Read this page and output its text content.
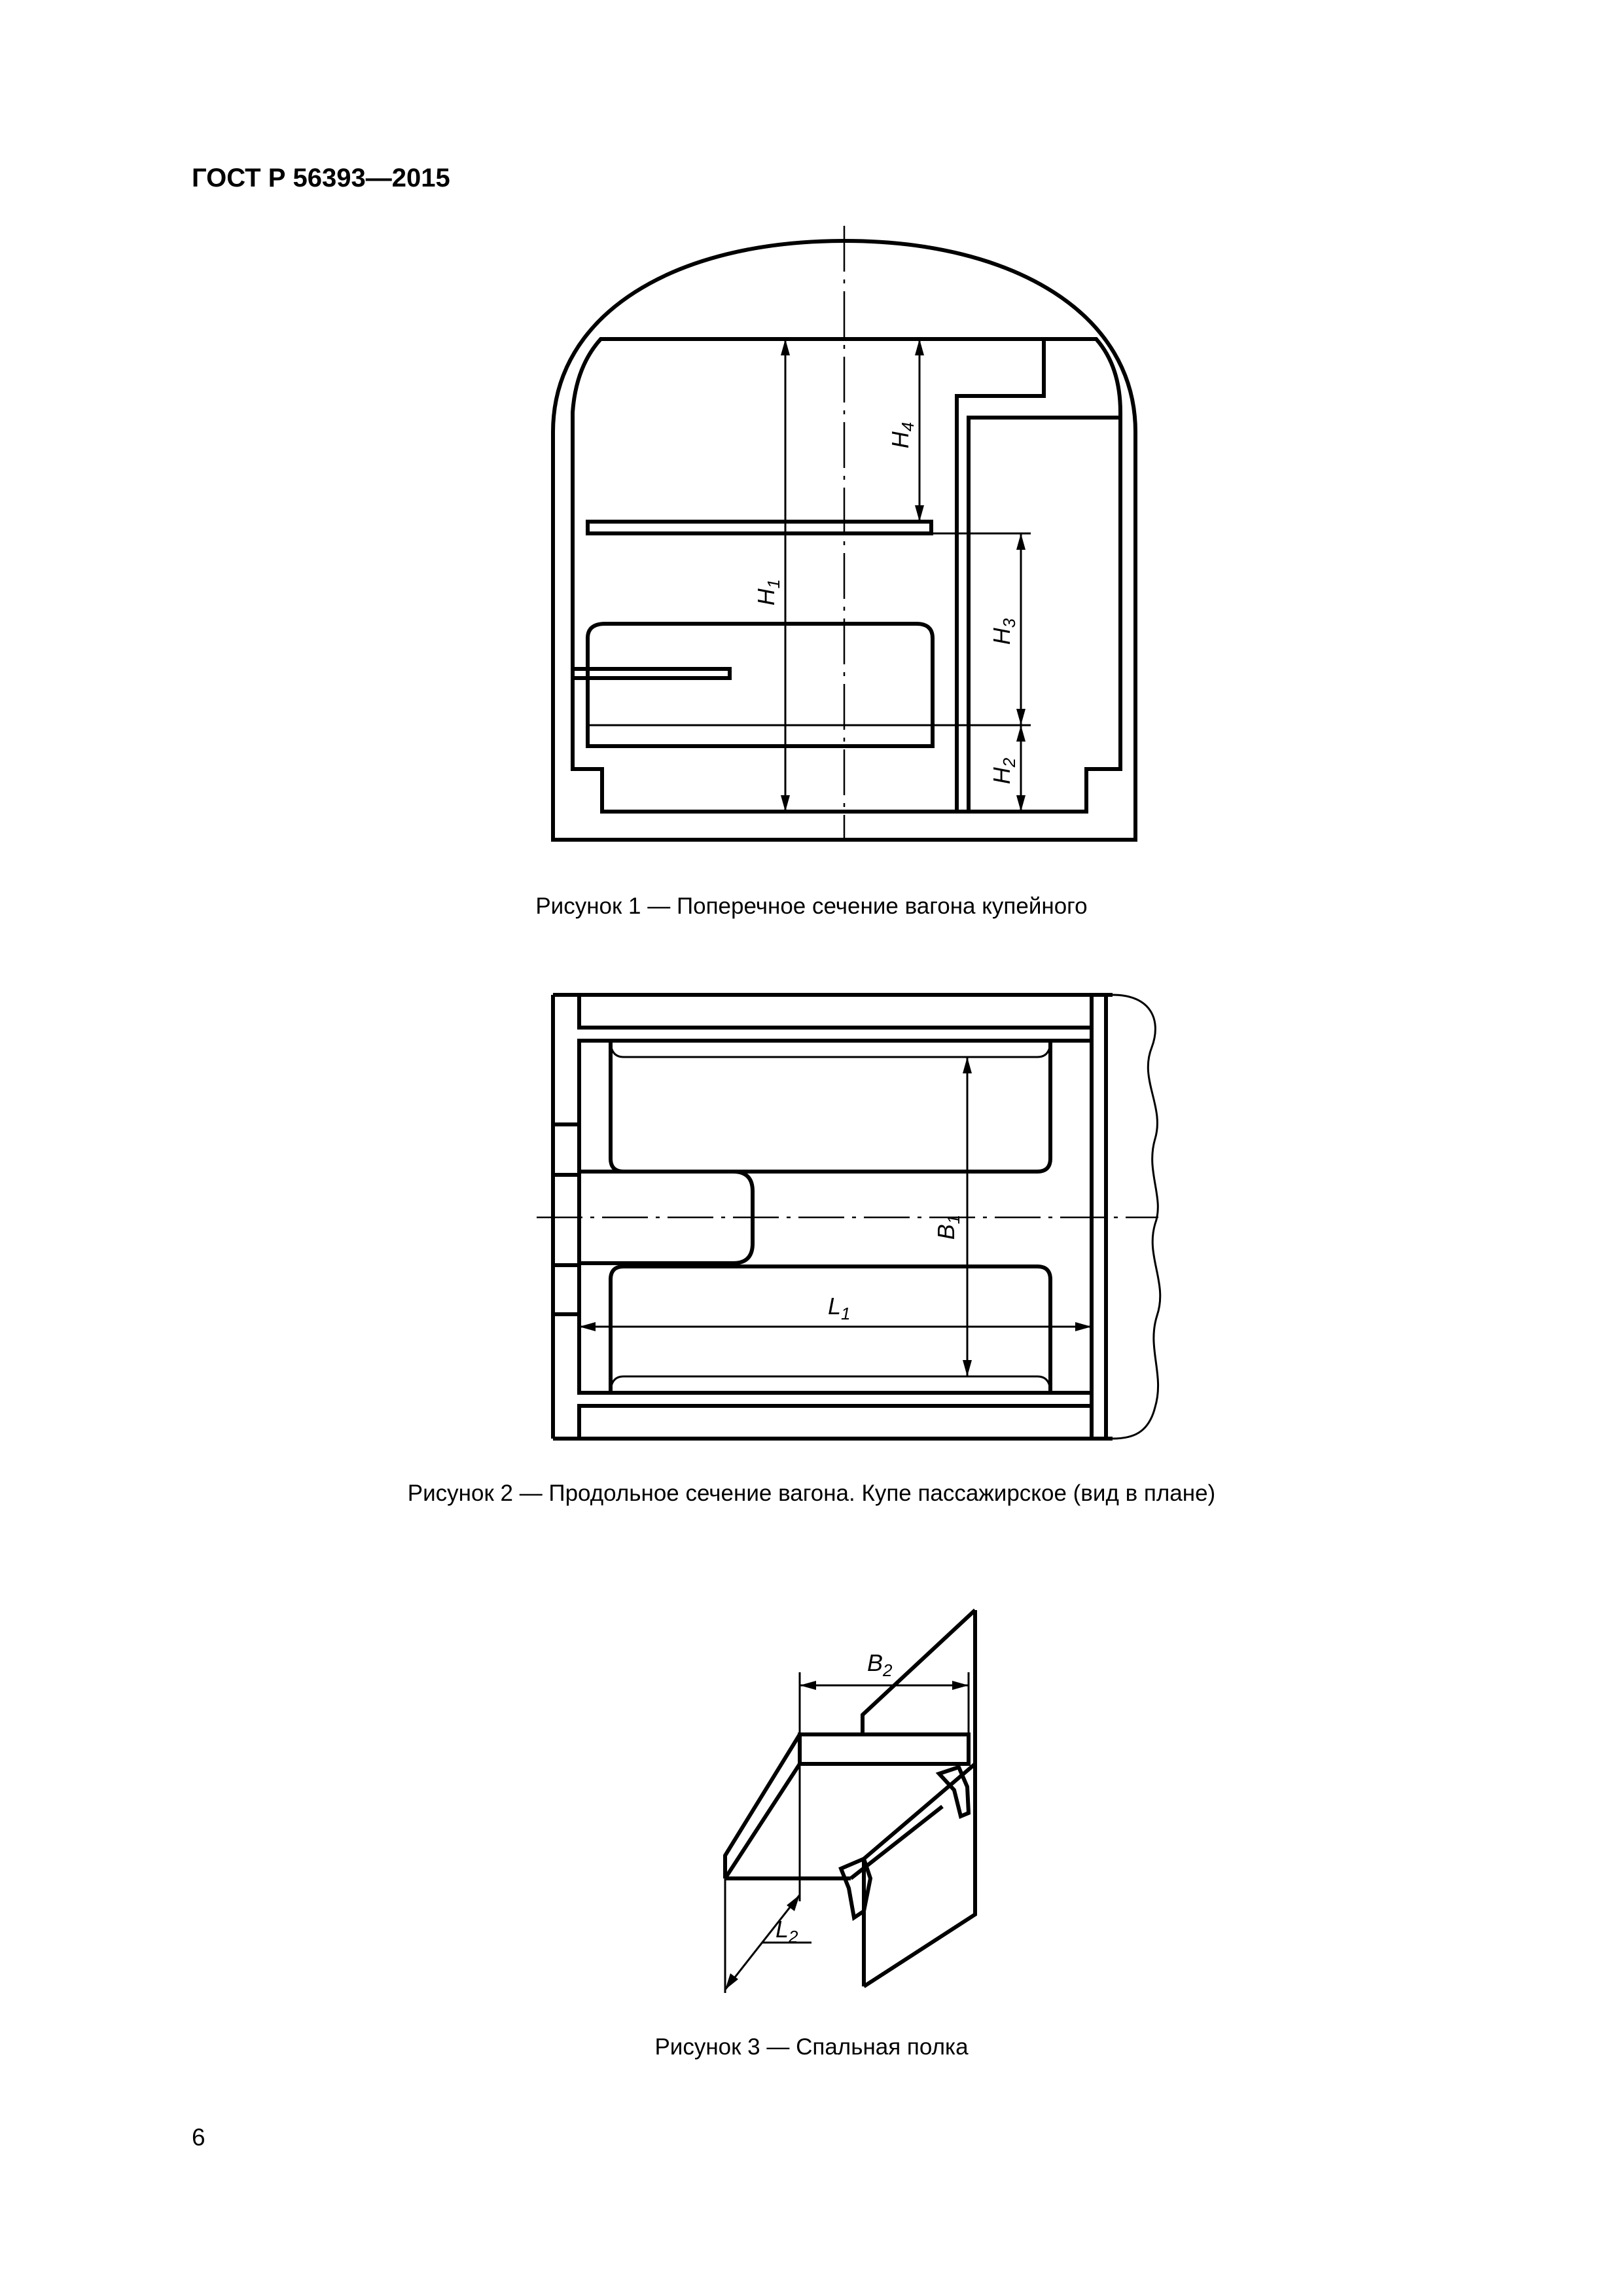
ГОСТ Р 56393—2015
$H_1$
$H_4$
$H_3$
$H_2$
Рисунок 1 — Поперечное сечение вагона купейного
$B_1$
$L_1$
Рисунок 2 — Продольное сечение вагона. Купе пассажирское (вид в плане)
$B_2$
$L_2$
Рисунок 3 — Спальная полка
6
